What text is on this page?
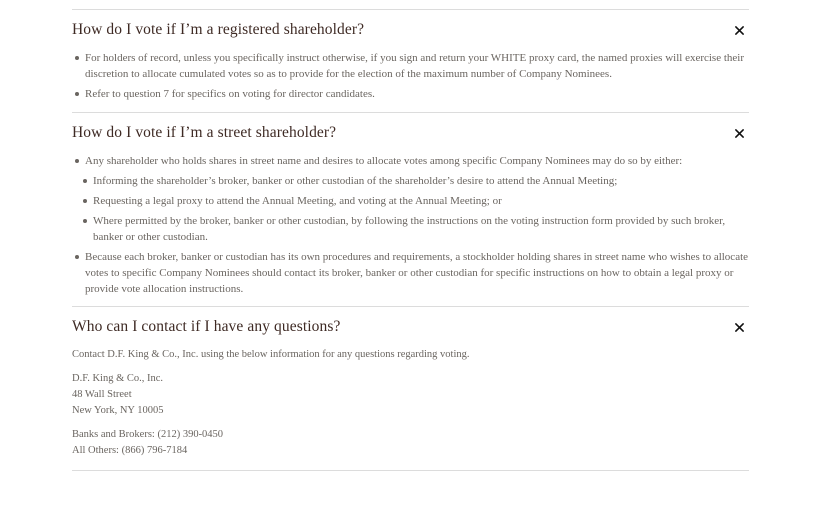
How do I vote if I’m a registered shareholder?
For holders of record, unless you specifically instruct otherwise, if you sign and return your WHITE proxy card, the named proxies will exercise their discretion to allocate cumulated votes so as to provide for the election of the maximum number of Company Nominees.
Refer to question 7 for specifics on voting for director candidates.
How do I vote if I’m a street shareholder?
Any shareholder who holds shares in street name and desires to allocate votes among specific Company Nominees may do so by either:
Informing the shareholder’s broker, banker or other custodian of the shareholder’s desire to attend the Annual Meeting;
Requesting a legal proxy to attend the Annual Meeting, and voting at the Annual Meeting; or
Where permitted by the broker, banker or other custodian, by following the instructions on the voting instruction form provided by such broker, banker or other custodian.
Because each broker, banker or custodian has its own procedures and requirements, a stockholder holding shares in street name who wishes to allocate votes to specific Company Nominees should contact its broker, banker or other custodian for specific instructions on how to obtain a legal proxy or provide vote allocation instructions.
Who can I contact if I have any questions?

Contact D.F. King & Co., Inc. using the below information for any questions regarding voting.

D.F. King & Co., Inc.

48 Wall Street

New York, NY 10005

Banks and Brokers: (212) 390-0450

All Others: (866) 796-7184
